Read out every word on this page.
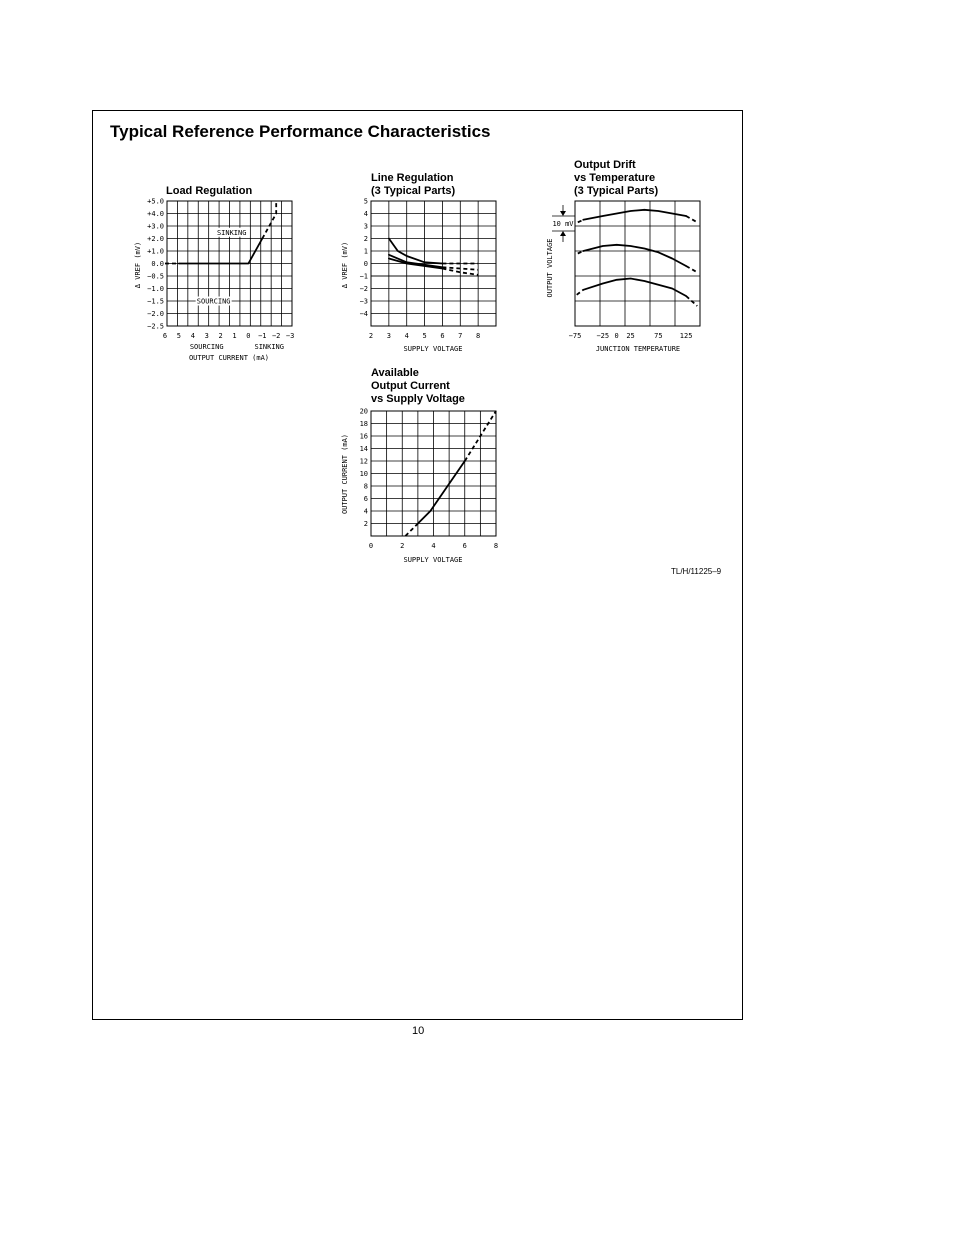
Typical Reference Performance Characteristics
Load Regulation
Line Regulation
(3 Typical Parts)
Output Drift
vs Temperature
(3 Typical Parts)
Available
Output Current
vs Supply Voltage
6 5 4 3 2 1 0 −1 −2 −3
+5.0
+4.0
+3.0
+2.0
+1.0
0.0
−0.5
−1.0
−1.5
−2.0
−2.5
SOURCING	SINKING
OUTPUT CURRENT (mA)
Δ VREF (mV)
SINKING
SOURCING
2 3 4 5 6 7 8
5
4
3
2
1
0
−1
−2
−3
−4
SUPPLY VOLTAGE
Δ VREF (mV)
−75 −25 0 25	75 125
JUNCTION TEMPERATURE
OUTPUT VOLTAGE
10 mV
0	2	4	6	8
20
18
16
14
12
10
8
6
4
2
SUPPLY VOLTAGE
OUTPUT CURRENT (mA)
TL/H/11225–9
10
